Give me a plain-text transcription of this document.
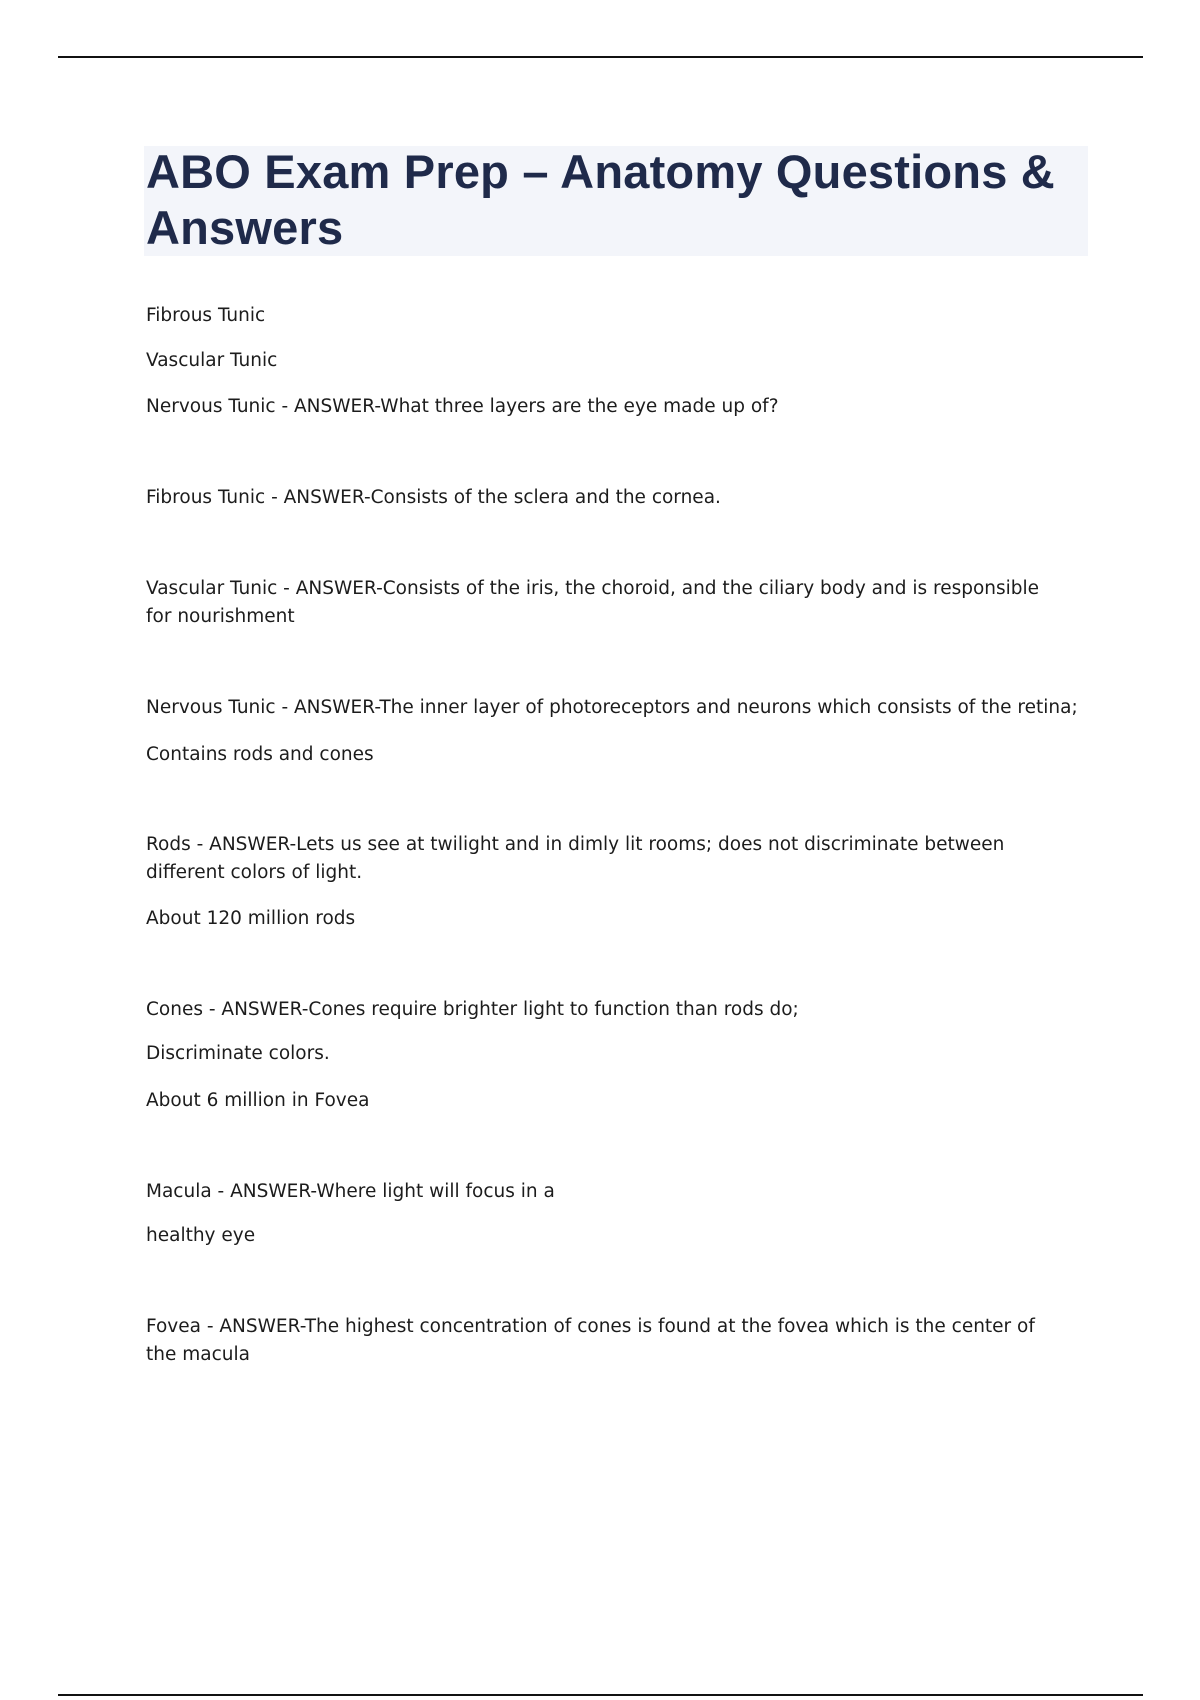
ABO Exam Prep – Anatomy Questions & Answers

Fibrous Tunic

Vascular Tunic

Nervous Tunic - ANSWER-What three layers are the eye made up of?

Fibrous Tunic - ANSWER-Consists of the sclera and the cornea.

Vascular Tunic - ANSWER-Consists of the iris, the choroid, and the ciliary body and is responsible for nourishment

Nervous Tunic - ANSWER-The inner layer of photoreceptors and neurons which consists of the retina;

Contains rods and cones

Rods - ANSWER-Lets us see at twilight and in dimly lit rooms; does not discriminate between different colors of light.

About 120 million rods

Cones - ANSWER-Cones require brighter light to function than rods do;

Discriminate colors.

About 6 million in Fovea

Macula - ANSWER-Where light will focus in a

healthy eye

Fovea - ANSWER-The highest concentration of cones is found at the fovea which is the center of the macula
